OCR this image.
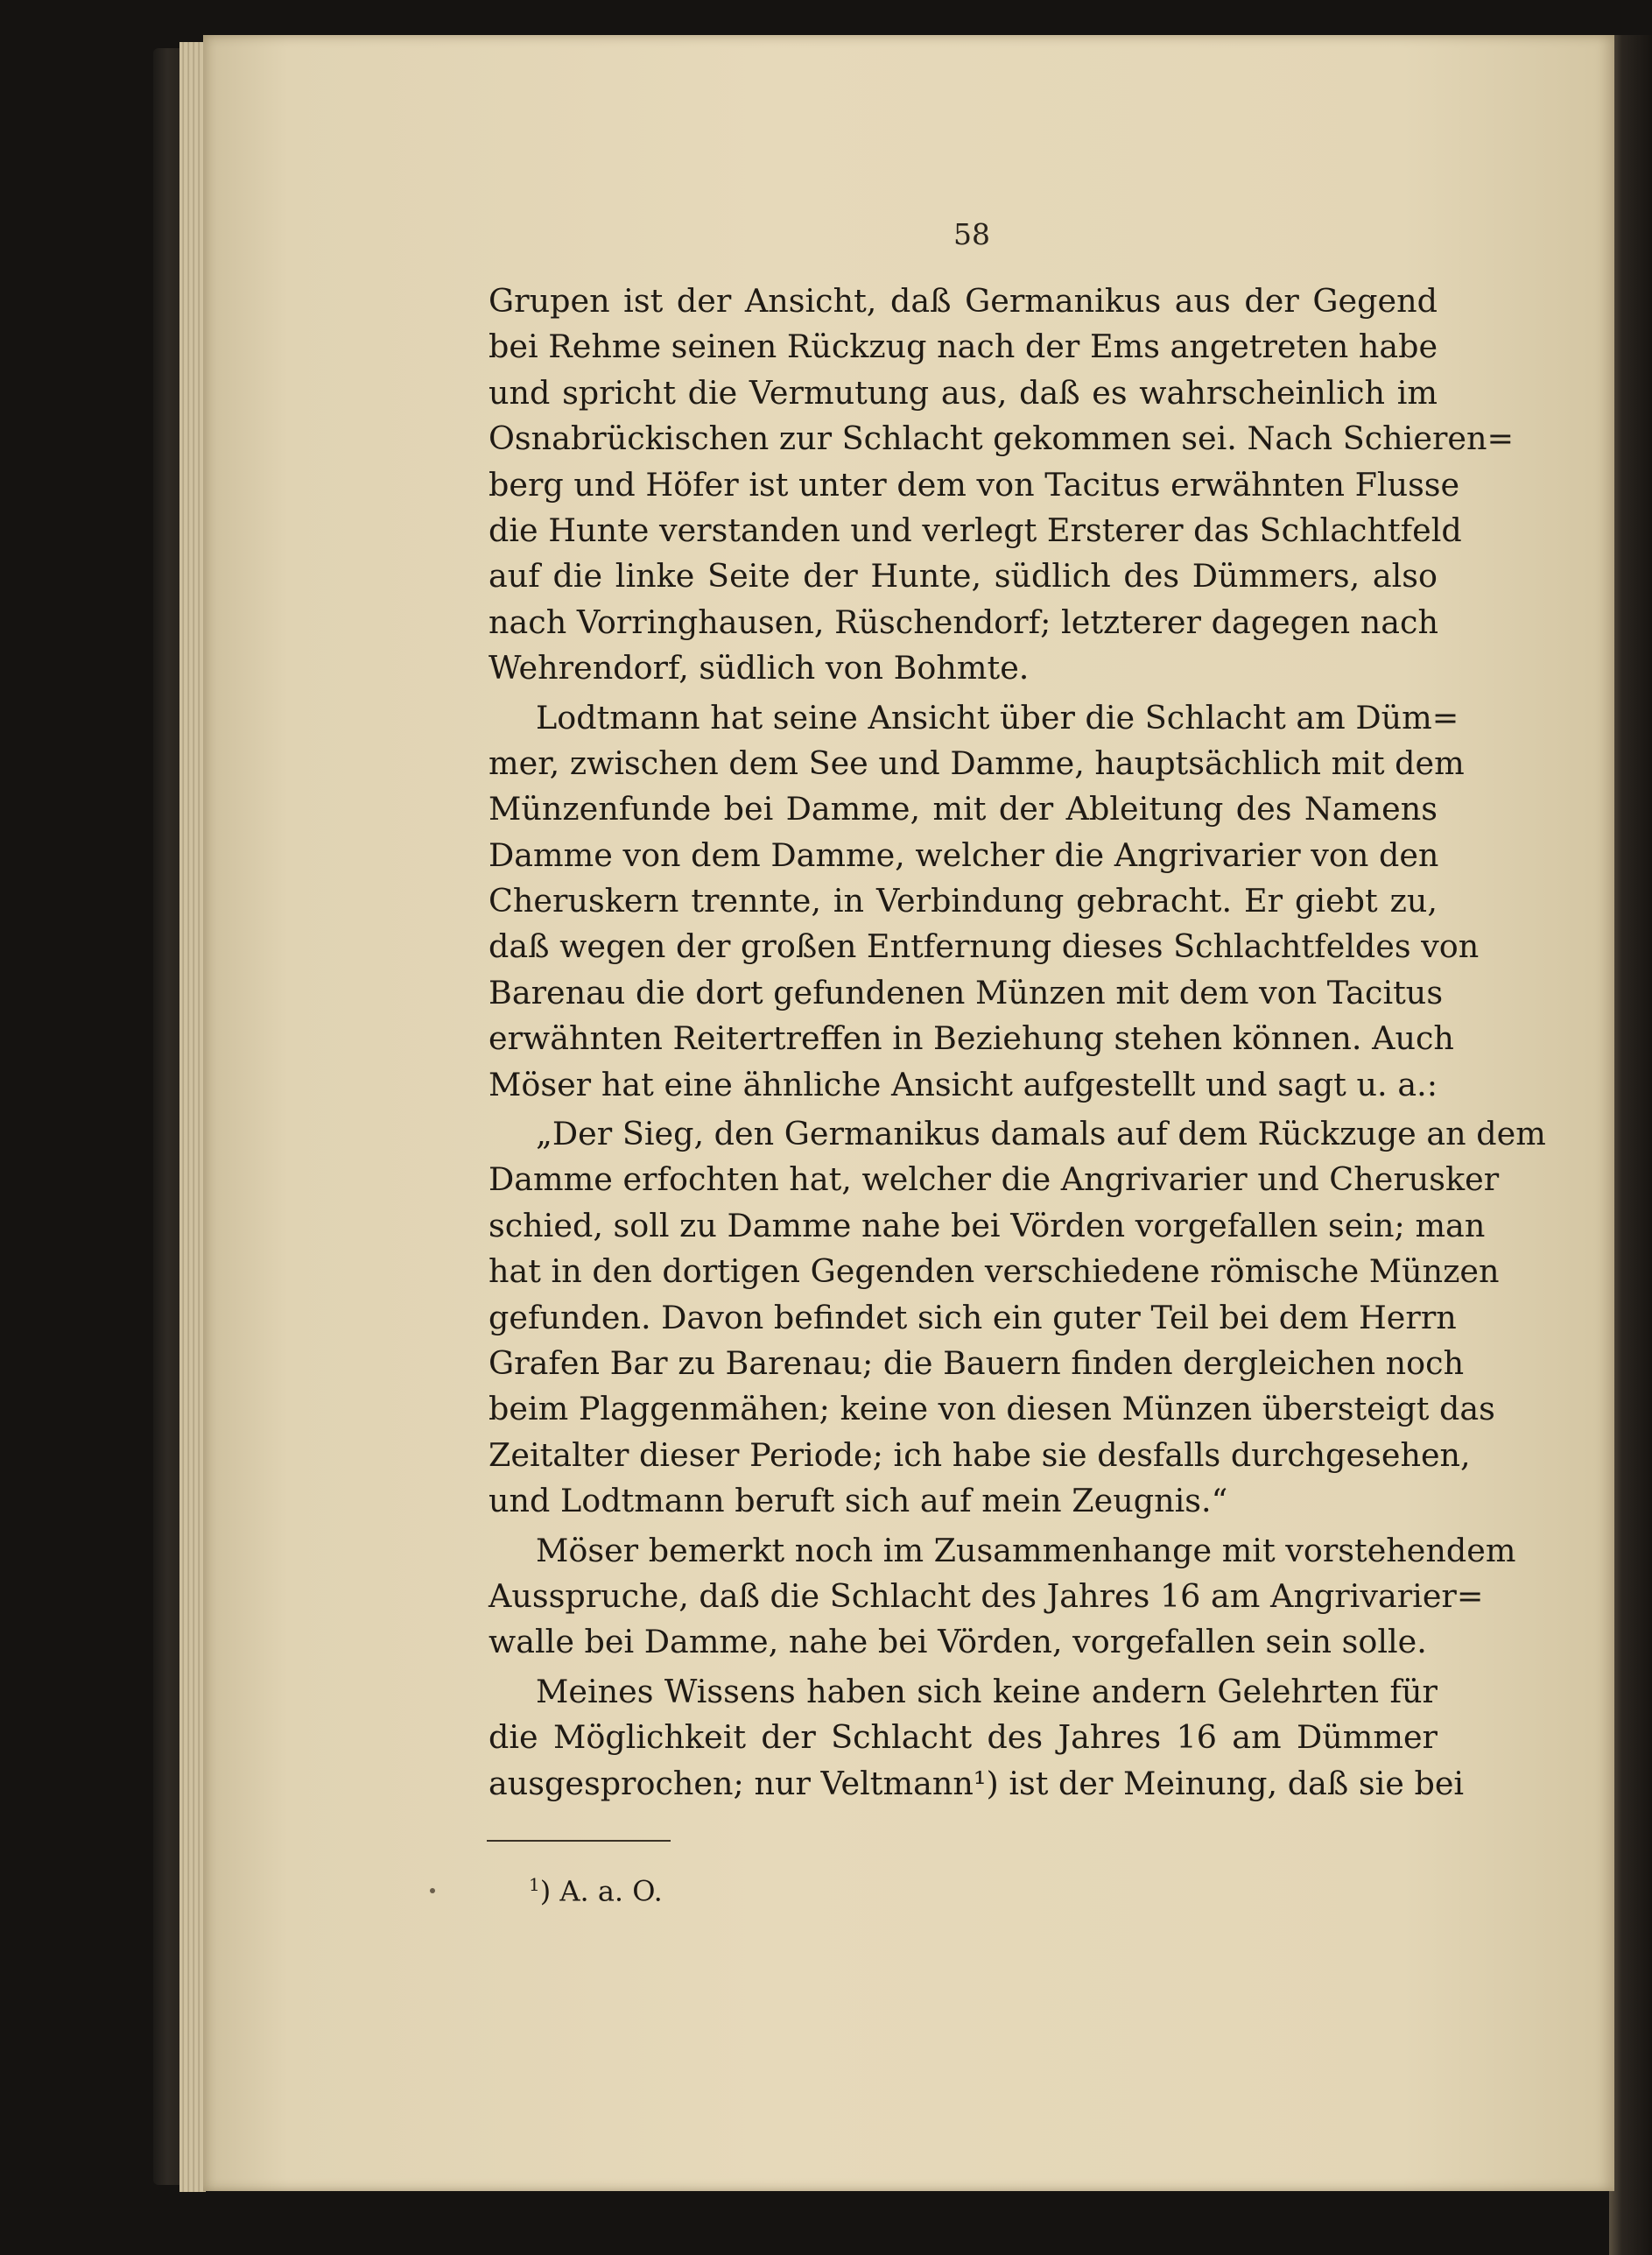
58
Grupen ist der Ansicht, daß Germanikus aus der Gegend
bei Rehme seinen Rückzug nach der Ems angetreten habe
und spricht die Vermutung aus, daß es wahrscheinlich im
Osnabrückischen zur Schlacht gekommen sei. Nach Schieren=
berg und Höfer ist unter dem von Tacitus erwähnten Flusse
die Hunte verstanden und verlegt Ersterer das Schlachtfeld
auf die linke Seite der Hunte, südlich des Dümmers, also
nach Vorringhausen, Rüschendorf; letzterer dagegen nach
Wehrendorf, südlich von Bohmte.
Lodtmann hat seine Ansicht über die Schlacht am Düm=
mer, zwischen dem See und Damme, hauptsächlich mit dem
Münzenfunde bei Damme, mit der Ableitung des Namens
Damme von dem Damme, welcher die Angrivarier von den
Cheruskern trennte, in Verbindung gebracht. Er giebt zu,
daß wegen der großen Entfernung dieses Schlachtfeldes von
Barenau die dort gefundenen Münzen mit dem von Tacitus
erwähnten Reitertreffen in Beziehung stehen können. Auch
Möser hat eine ähnliche Ansicht aufgestellt und sagt u. a.:
„Der Sieg, den Germanikus damals auf dem Rückzuge an dem
Damme erfochten hat, welcher die Angrivarier und Cherusker
schied, soll zu Damme nahe bei Vörden vorgefallen sein; man
hat in den dortigen Gegenden verschiedene römische Münzen
gefunden. Davon befindet sich ein guter Teil bei dem Herrn
Grafen Bar zu Barenau; die Bauern finden dergleichen noch
beim Plaggenmähen; keine von diesen Münzen übersteigt das
Zeitalter dieser Periode; ich habe sie desfalls durchgesehen,
und Lodtmann beruft sich auf mein Zeugnis.“
Möser bemerkt noch im Zusammenhange mit vorstehendem
Ausspruche, daß die Schlacht des Jahres 16 am Angrivarier=
walle bei Damme, nahe bei Vörden, vorgefallen sein solle.
Meines Wissens haben sich keine andern Gelehrten für
die Möglichkeit der Schlacht des Jahres 16 am Dümmer
ausgesprochen; nur Veltmann¹) ist der Meinung, daß sie bei
$^1$) A. a. O.
